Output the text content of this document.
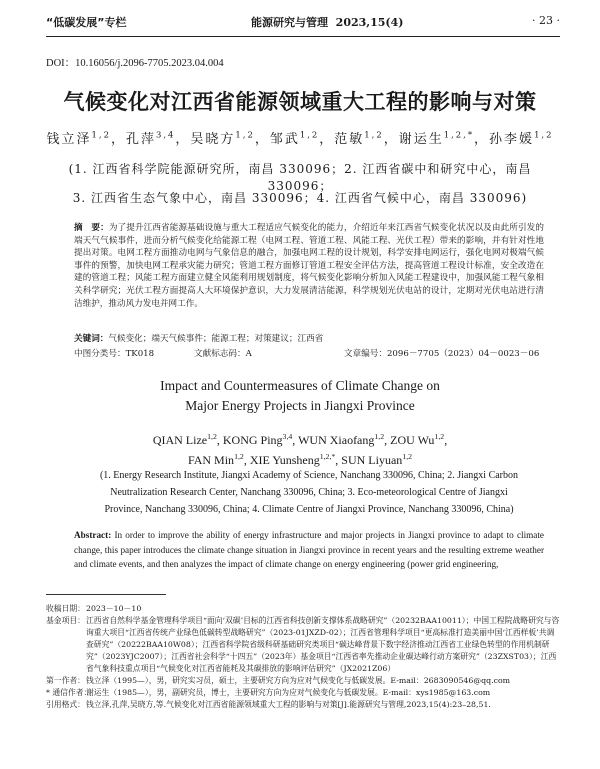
“低碳发展”专栏	能源研究与管理 2023,15(4)	· 23 ·
DOI：10.16056/j.2096-7705.2023.04.004
气候变化对江西省能源领域重大工程的影响与对策
钱立泽$^{1,2}$，孔萍$^{3,4}$，吴晓方$^{1,2}$，邹武$^{1,2}$，范敏$^{1,2}$，谢运生$^{1,2,*}$，孙李媛$^{1,2}$
(1. 江西省科学院能源研究所，南昌 330096；2. 江西省碳中和研究中心，南昌 330096；
3. 江西省生态气象中心，南昌 330096；4. 江西省气候中心，南昌 330096)
摘　要：为了提升江西省能源基础设施与重大工程适应气候变化的能力，介绍近年来江西省气候变化状况以及由此所引发的端天气气候事件，进而分析气候变化给能源工程（电网工程、管道工程、风能工程、光伏工程）带来的影响，并有针对性地提出对策。电网工程方面推动电网与气象信息的融合，加强电网工程的设计规划，科学安排电网运行，强化电网对极端气候事件的预警，加快电网工程承灾能力研究；管道工程方面修订管道工程安全评估方法，提高管道工程设计标准，安全改造在建的管道工程；风能工程方面建立健全风能利用规划制度，将气候变化影响分析加入风能工程建设中，加强风能工程气象相关科学研究；光伏工程方面提高人大环境保护意识，大力发展清洁能源，科学规划光伏电站的设计，定期对光伏电站进行清洁维护，推动风力发电并网工作。
关键词：气候变化；端天气候事件；能源工程；对策建议；江西省
中图分类号：TK018	文献标志码：A	文章编号：2096－7705（2023）04－0023－06
Impact and Countermeasures of Climate Change on
Major Energy Projects in Jiangxi Province
QIAN Lize$^{1,2}$, KONG Ping$^{3,4}$, WUN Xiaofang$^{1,2}$, ZOU Wu$^{1,2}$,
FAN Min$^{1,2}$, XIE Yunsheng$^{1,2,*}$, SUN Liyuan$^{1,2}$
(1. Energy Research Institute, Jiangxi Academy of Science, Nanchang 330096, China; 2. Jiangxi Carbon
Neutralization Research Center, Nanchang 330096, China; 3. Eco-meteorological Centre of Jiangxi
Province, Nanchang 330096, China; 4. Climate Centre of Jiangxi Province, Nanchang 330096, China)
Abstract: In order to improve the ability of energy infrastructure and major projects in Jiangxi province to adapt to climate change, this paper introduces the climate change situation in Jiangxi province in recent years and the resulting extreme weather and climate events, and then analyzes the impact of climate change on energy engineering (power grid engineering,
收稿日期： 2023－10－10
基金项目： 江西省自然科学基金管理科学项目“面向‘双碳’目标的江西省科技创新支撑体系战略研究”（20232BAA10011）；中国工程院战略研究与咨询重大项目“江西省传统产业绿色低碳转型战略研究”（2023-01JXZD-02）；江西省管理科学项目“更高标准打造美丽中国‘江西样板’共调查研究”（20222BAA10W08）；江西省科学院省级科研基础研究类项目“碳达峰背景下数字经济推动江西省工业绿色转型的作用机制研究”（2023YJC2007）；江西省社会科学“十四五”（2023年）基金项目“江西省率先推动企业碳达峰行动方案研究”（23ZXST03）；江西省气象科技重点项目“气候变化对江西省能耗及其碳排放的影响评估研究”（JX2021Z06）
第一作者： 钱立泽（1995—），男，研究实习员，硕士，主要研究方向为应对气候变化与低碳发展。E-mail：2683090546@qq.com
* 通信作者：
谢运生（1985—），男，副研究员，博士，主要研究方向为应对气候变化与低碳发展。E-mail：xys1985@163.com
引用格式： 钱立泽,孔萍,吴晓方,等.气候变化对江西省能源领域重大工程的影响与对策[J].能源研究与管理,2023,15(4):23–28,51.
